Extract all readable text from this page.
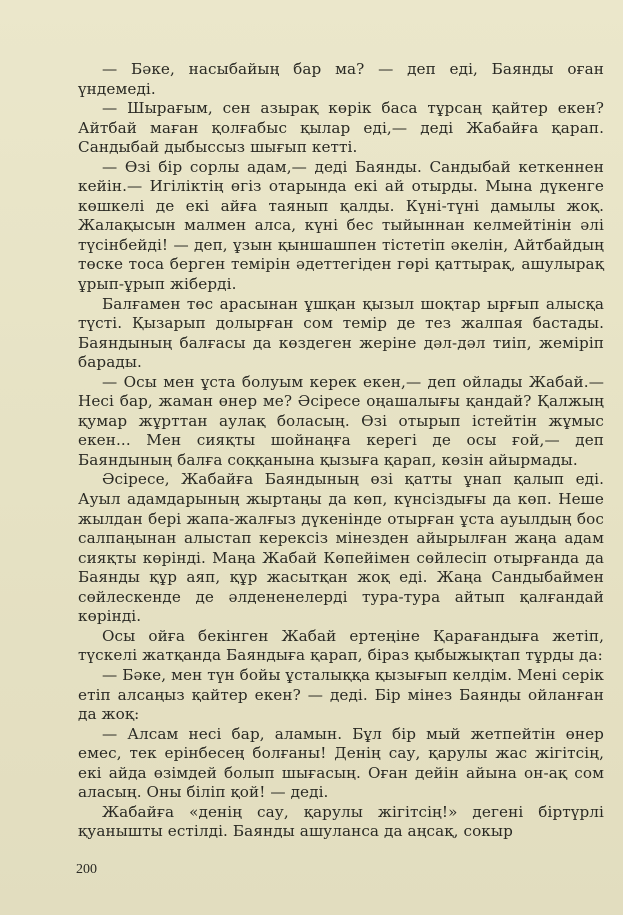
— Бәке, насыбайың бар ма? — деп еді, Баянды оған үндемеді.

— Шырағым, сен азырақ көрік баса тұрсаң қайтер екен? Айтбай маған қолғабыс қылар еді,— деді Жабайға қарап. Сандыбай дыбыссыз шығып кетті.

— Өзі бір сорлы адам,— деді Баянды. Сандыбай кеткеннен кейін.— Игіліктің өгіз отарында екі ай отырды. Мына дүкенге көшкелі де екі айға таянып қалды. Күні-түні дамылы жоқ. Жалақысын малмен алса, күні бес тыйыннан келмейтінін әлі түсінбейді! — деп, ұзын қыншашпен тістетіп әкелін, Айтбайдың төске тоса берген темірін әдеттегіден гөрі қаттырақ, ашулырақ ұрып-ұрып жіберді.

Балғамен төс арасынан ұшқан қызыл шоқтар ырғып алысқа түсті. Қызарып долырған сом темір де тез жалпая бастады. Баяндының балғасы да көздеген жеріне дәл-дәл тиіп, жеміріп барады.

— Осы мен ұста болуым керек екен,— деп ойлады Жабай.— Несі бар, жаман өнер ме? Әсіресе оңашалығы қандай? Қалжың қумар жұрттан аулақ боласың. Өзі отырып істейтін жұмыс екен... Мен сияқты шойнаңға керегі де осы ғой,— деп Баяндының балға соққанына қызыға қарап, көзін айырмады.

Әсіресе, Жабайға Баяндының өзі қатты ұнап қалып еді. Ауыл адамдарының жыртаңы да көп, күнсіздығы да көп. Неше жылдан бері жапа-жалғыз дүкенінде отырған ұста ауылдың бос салпаңынан алыстап керексіз мінезден айырылған жаңа адам сияқты көрінді. Маңа Жабай Көпейімен сөйлесіп отырғанда да Баянды құр аяп, құр жасытқан жоқ еді. Жаңа Сандыбаймен сөйлескенде де әлдененелерді тура-тура айтып қалғандай көрінді.

Осы ойға бекінген Жабай ертеңіне Қарағандыға жетіп, түскелі жатқанда Баяндыға қарап, біраз қыбыжықтап тұрды да:

— Бәке, мен түн бойы ұсталыққа қызығып келдім. Мені серік етіп алсаңыз қайтер екен? — деді. Бір мінез Баянды ойланған да жоқ:

— Алсам несі бар, аламын. Бұл бір мый жетпейтін өнер емес, тек ерінбесең болғаны! Денің сау, қарулы жас жігітсің, екі айда өзімдей болып шығасың. Оған дейін айына он-ақ сом аласың. Оны біліп қой! — деді.

Жабайға «денің сау, қарулы жігітсің!» дегені біртүрлі қуанышты естілді. Баянды ашуланса да аңсақ, сокыр

200
